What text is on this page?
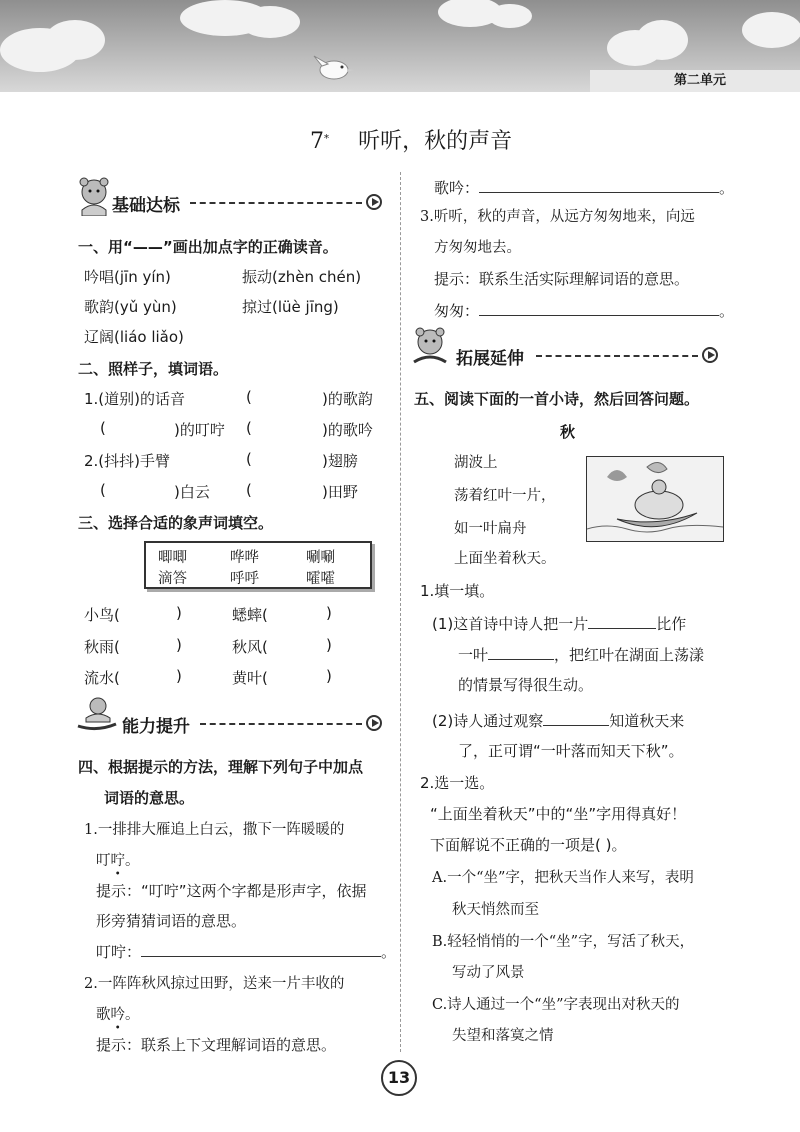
第二单元
7* 听听，秋的声音
基础达标
一、用“——”画出加点字的正确读音。
吟唱(jīn yín)	振动(zhèn chén)
歌韵(yǔ yùn)	掠过(lüè jīng)
辽阔(liáo liǎo)
二、照样子，填词语。
1.(道别)的话音	(	)的歌韵
(	)的叮咛 (	)的歌吟
2.(抖抖)手臂	(	)翅膀
(	)白云 (	)田野
三、选择合适的象声词填空。
唧唧	哗哗	唰唰
滴答	呼呼	嚯嚯
小鸟(	)	蟋蟀(	)
秋雨(	)	秋风(	)
流水(	)	黄叶(	)
能力提升
四、根据提示的方法，理解下列句子中加点
词语的意思。
1.一排排大雁追上白云，撒下一阵暖暖的
叮咛。 •
提示：“叮咛”这两个字都是形声字，依据
形旁猜猜词语的意思。
叮咛：	。
2.一阵阵秋风掠过田野，送来一片丰收的
歌吟。 •
提示：联系上下文理解词语的意思。
歌吟：	。
3.听听，秋的声音，从远方匆匆地来，向远
方匆匆地去。
提示：联系生活实际理解词语的意思。
匆匆：	。
拓展延伸
五、阅读下面的一首小诗，然后回答问题。
秋
湖波上
荡着红叶一片，
如一叶扁舟
上面坐着秋天。
1.填一填。
(1)这首诗中诗人把一片	比作
一叶	，把红叶在湖面上荡漾
的情景写得很生动。
(2)诗人通过观察	知道秋天来
了，正可谓“一叶落而知天下秋”。
2.选一选。
“上面坐着秋天”中的“坐”字用得真好！
下面解说不正确的一项是( )。
A.一个“坐”字，把秋天当作人来写，表明
秋天悄然而至
B.轻轻悄悄的一个“坐”字，写活了秋天，
写动了风景
C.诗人通过一个“坐”字表现出对秋天的
失望和落寞之情
13
